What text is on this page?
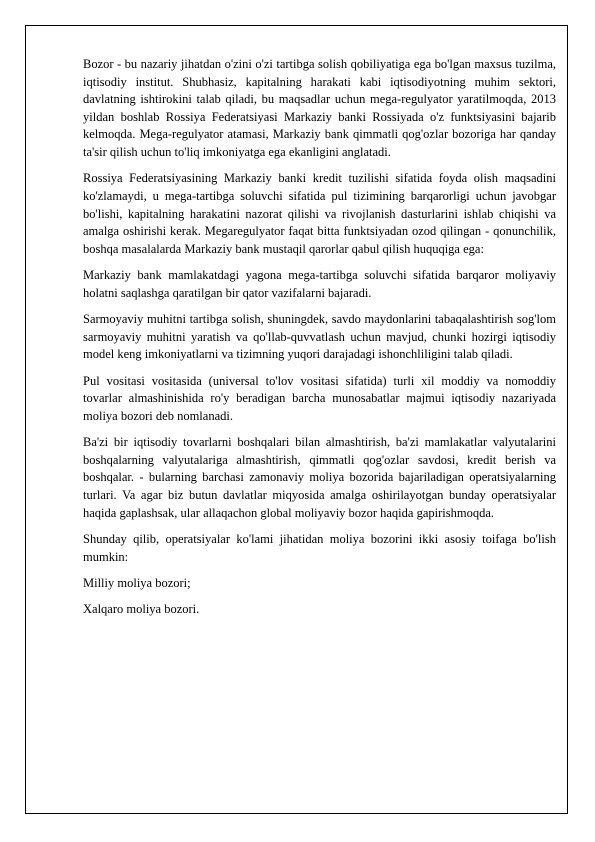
Bozor - bu nazariy jihatdan o'zini o'zi tartibga solish qobiliyatiga ega bo'lgan maxsus tuzilma, iqtisodiy institut. Shubhasiz, kapitalning harakati kabi iqtisodiyotning muhim sektori, davlatning ishtirokini talab qiladi, bu maqsadlar uchun mega-regulyator yaratilmoqda, 2013 yildan boshlab Rossiya Federatsiyasi Markaziy banki Rossiyada o'z funktsiyasini bajarib kelmoqda. Mega-regulyator atamasi, Markaziy bank qimmatli qog'ozlar bozoriga har qanday ta'sir qilish uchun to'liq imkoniyatga ega ekanligini anglatadi.

Rossiya Federatsiyasining Markaziy banki kredit tuzilishi sifatida foyda olish maqsadini ko'zlamaydi, u mega-tartibga soluvchi sifatida pul tizimining barqarorligi uchun javobgar bo'lishi, kapitalning harakatini nazorat qilishi va rivojlanish dasturlarini ishlab chiqishi va amalga oshirishi kerak. Megaregulyator faqat bitta funktsiyadan ozod qilingan - qonunchilik, boshqa masalalarda Markaziy bank mustaqil qarorlar qabul qilish huquqiga ega:

Markaziy bank mamlakatdagi yagona mega-tartibga soluvchi sifatida barqaror moliyaviy holatni saqlashga qaratilgan bir qator vazifalarni bajaradi.

Sarmoyaviy muhitni tartibga solish, shuningdek, savdo maydonlarini tabaqalashtirish sog'lom sarmoyaviy muhitni yaratish va qo'llab-quvvatlash uchun mavjud, chunki hozirgi iqtisodiy model keng imkoniyatlarni va tizimning yuqori darajadagi ishonchliligini talab qiladi.

Pul vositasi vositasida (universal to'lov vositasi sifatida) turli xil moddiy va nomoddiy tovarlar almashinishida ro'y beradigan barcha munosabatlar majmui iqtisodiy nazariyada moliya bozori deb nomlanadi.

Ba'zi bir iqtisodiy tovarlarni boshqalari bilan almashtirish, ba'zi mamlakatlar valyutalarini boshqalarning valyutalariga almashtirish, qimmatli qog'ozlar savdosi, kredit berish va boshqalar. - bularning barchasi zamonaviy moliya bozorida bajariladigan operatsiyalarning turlari. Va agar biz butun davlatlar miqyosida amalga oshirilayotgan bunday operatsiyalar haqida gaplashsak, ular allaqachon global moliyaviy bozor haqida gapirishmoqda.

Shunday qilib, operatsiyalar ko'lami jihatidan moliya bozorini ikki asosiy toifaga bo'lish mumkin:

Milliy moliya bozori;

Xalqaro moliya bozori.
